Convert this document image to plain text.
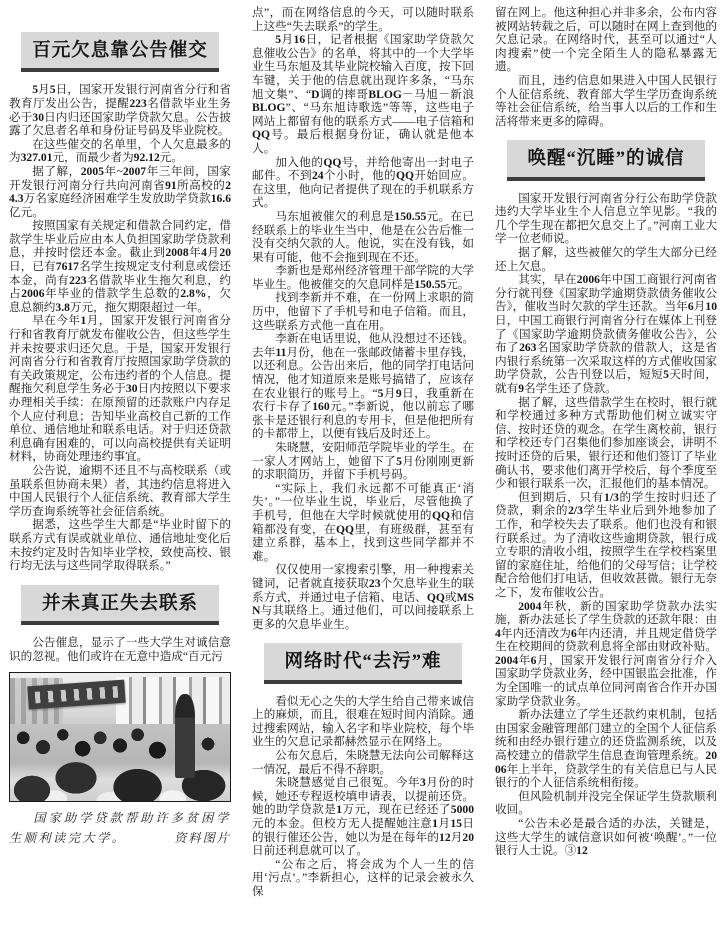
百元欠息靠公告催交

5月5日，国家开发银行河南省分行和省教育厅发出公告，提醒223名借款毕业生务必于30日内归还国家助学贷款欠息。公告披露了欠息者名单和身份证号码及毕业院校。

在这些催交的名单里，个人欠息最多的为327.01元，而最少者为92.12元。

据了解，2005年~2007年三年间，国家开发银行河南分行共向河南省91所高校的24.3万名家庭经济困难学生发放助学贷款16.6亿元。

按照国家有关规定和借款合同约定，借款学生毕业后应由本人负担国家助学贷款利息，并按时偿还本金。截止到2008年4月20日，已有7617名学生按规定支付利息或偿还本金，尚有223名借款毕业生拖欠利息，约占2006年毕业的借款学生总数的2.8%，欠息总额约3.8万元，拖欠期限超过一年。

早在今年1月，国家开发银行河南省分行和省教育厅就发布催收公告，但这些学生并未按要求归还欠息。于是，国家开发银行河南省分行和省教育厅按照国家助学贷款的有关政策规定，公布违约者的个人信息。提醒拖欠利息学生务必于30日内按照以下要求办理相关手续：在原预留的还款账户内存足个人应付利息；告知毕业高校自己新的工作单位、通信地址和联系电话。对于归还贷款利息确有困难的，可以向高校提供有关证明材料，协商处理违约事宜。

公告说，逾期不还且不与高校联系（或虽联系但协商未果）者，其违约信息将进入中国人民银行个人征信系统、教育部大学生学历查询系统等社会征信系统。

据悉，这些学生大都是“毕业时留下的联系方式有误或就业单位、通信地址变化后未按约定及时告知毕业学校，致使高校、银行均无法与这些同学取得联系。”

并未真正失去联系

公告催息，显示了一些大学生对诚信意识的忽视。他们或许在无意中造成“百元污

国家助学贷款帮助许多贫困学生顺利读完大学。	资料图片

点”，而在网络信息的今天，可以随时联系上这些“失去联系”的学生。

5月16日，记者根据《国家助学贷款欠息催收公告》的名单，将其中的一个大学毕业生马东旭及其毕业院校输入百度，按下回车键，关于他的信息就出现许多条，“马东旭文集”、“D调的摔哥BLOG－马旭－新浪BLOG”、“马东旭诗歌选”等等，这些电子网站上都留有他的联系方式——电子信箱和QQ号。最后根据身份证，确认就是他本人。

加入他的QQ号，并给他寄出一封电子邮件。不到24个小时，他的QQ开始回应。在这里，他向记者提供了现在的手机联系方式。

马东旭被催欠的利息是150.55元。在已经联系上的毕业生当中，他是在公告后惟一没有交纳欠款的人。他说，实在没有钱，如果有可能，他不会拖到现在不还。

李新也是郑州经济管理干部学院的大学毕业生。他被催交的欠息同样是150.55元。

找到李新并不难，在一份网上求职的简历中，他留下了手机号和电子信箱。而且，这些联系方式他一直在用。

李新在电话里说，他从没想过不还钱。去年11月份，他在一张邮政储蓄卡里存钱，以还利息。公告出来后，他的同学打电话问情况，他才知道原来是账号搞错了，应该存在农业银行的账号上。“5月9日，我重新在农行卡存了160元。”李新说，他以前忘了哪张卡是还银行利息的专用卡，但是他把所有的卡都带上，以便有钱后及时还上。

朱晓慧，安阳师范学院毕业的学生。在一家人才网站上，她留下了5月份刚刚更新的求职简历，并留下手机号码。

“实际上，我们永远都不可能真正‘消失’。”一位毕业生说，毕业后，尽管他换了手机号，但他在大学时候就使用的QQ和信箱都没有变，在QQ里，有班级群，甚至有建立系群，基本上，找到这些同学都并不难。

仅仅使用一家搜索引擎，用一种搜索关键词，记者就直接获取23个欠息毕业生的联系方式，并通过电子信箱、电话、QQ或MSN与其联络上。通过他们，可以间接联系上更多的欠息毕业生。

网络时代“去污”难

看似无心之失的大学生给自己带来诚信上的麻烦，而且，很难在短时间内消除。通过搜索网站，输入名字和毕业院校，每个毕业生的欠息记录都赫然显示在网络上。

公布欠息后，朱晓慧无法向公司解释这一情况，最后不得不辞职。

朱晓慧感觉自己很冤。今年3月份的时候，她还专程返校填申请表，以提前还贷。她的助学贷款是1万元，现在已经还了5000元的本金。但校方无人提醒她注意1月15日的银行催还公告，她以为是在每年的12月20日前还利息就可以了。

“公布之后，将会成为个人一生的信用‘污点’。”李新担心，这样的记录会被永久保

留在网上。他这种担心并非多余，公布内容被网站转载之后，可以随时在网上查到他的欠息记录。在网络时代，甚至可以通过“人肉搜索”使一个完全陌生人的隐私暴露无遗。

而且，违约信息如果进入中国人民银行个人征信系统、教育部大学生学历查询系统等社会征信系统，给当事人以后的工作和生活将带来更多的障碍。

唤醒“沉睡”的诚信

国家开发银行河南省分行公布助学贷款违约大学毕业生个人信息立竿见影。“我的几个学生现在都把欠息交上了。”河南工业大学一位老师说。

据了解，这些被催欠的学生大部分已经还上欠息。

其实，早在2006年中国工商银行河南省分行就刊登《国家助学逾期贷款债务催收公告》，催收当时欠款的学生还款。当年6月10日，中国工商银行河南省分行在媒体上刊登了《国家助学逾期贷款债务催收公告》，公布了263名国家助学贷款的借款人，这是省内银行系统第一次采取这样的方式催收国家助学贷款，公告刊登以后，短短5天时间，就有9名学生还了贷款。

据了解，这些借款学生在校时，银行就和学校通过多种方式帮助他们树立诚实守信、按时还贷的观念。在学生离校前，银行和学校还专门召集他们参加座谈会，讲明不按时还贷的后果，银行还和他们签订了毕业确认书，要求他们离开学校后，每个季度至少和银行联系一次，汇报他们的基本情况。

但到期后，只有1/3的学生按时归还了贷款，剩余的2/3学生毕业后到外地参加了工作，和学校失去了联系。他们也没有和银行联系过。为了清收这些逾期贷款，银行成立专职的清收小组，按照学生在学校档案里留的家庭住址，给他们的父母写信；让学校配合给他们打电话，但收效甚微。银行无奈之下，发布催收公告。

2004年秋，新的国家助学贷款办法实施，新办法延长了学生贷款的还款年限：由4年内还清改为6年内还清，并且规定借贷学生在校期间的贷款利息将全部由财政补贴。2004年6月，国家开发银行河南省分行介入国家助学贷款业务，经中国银监会批准，作为全国唯一的试点单位同河南省合作开办国家助学贷款业务。

新办法建立了学生还款约束机制，包括由国家金融管理部门建立的全国个人征信系统和由经办银行建立的还贷监测系统，以及高校建立的借款学生信息查询管理系统。2006年上半年，贷款学生的有关信息已与人民银行的个人征信系统相衔接。

但风险机制并没完全保证学生贷款顺利收回。

“公告未必是最合适的办法，关键是，这些大学生的诚信意识如何被‘唤醒’。”一位银行人士说。③12
